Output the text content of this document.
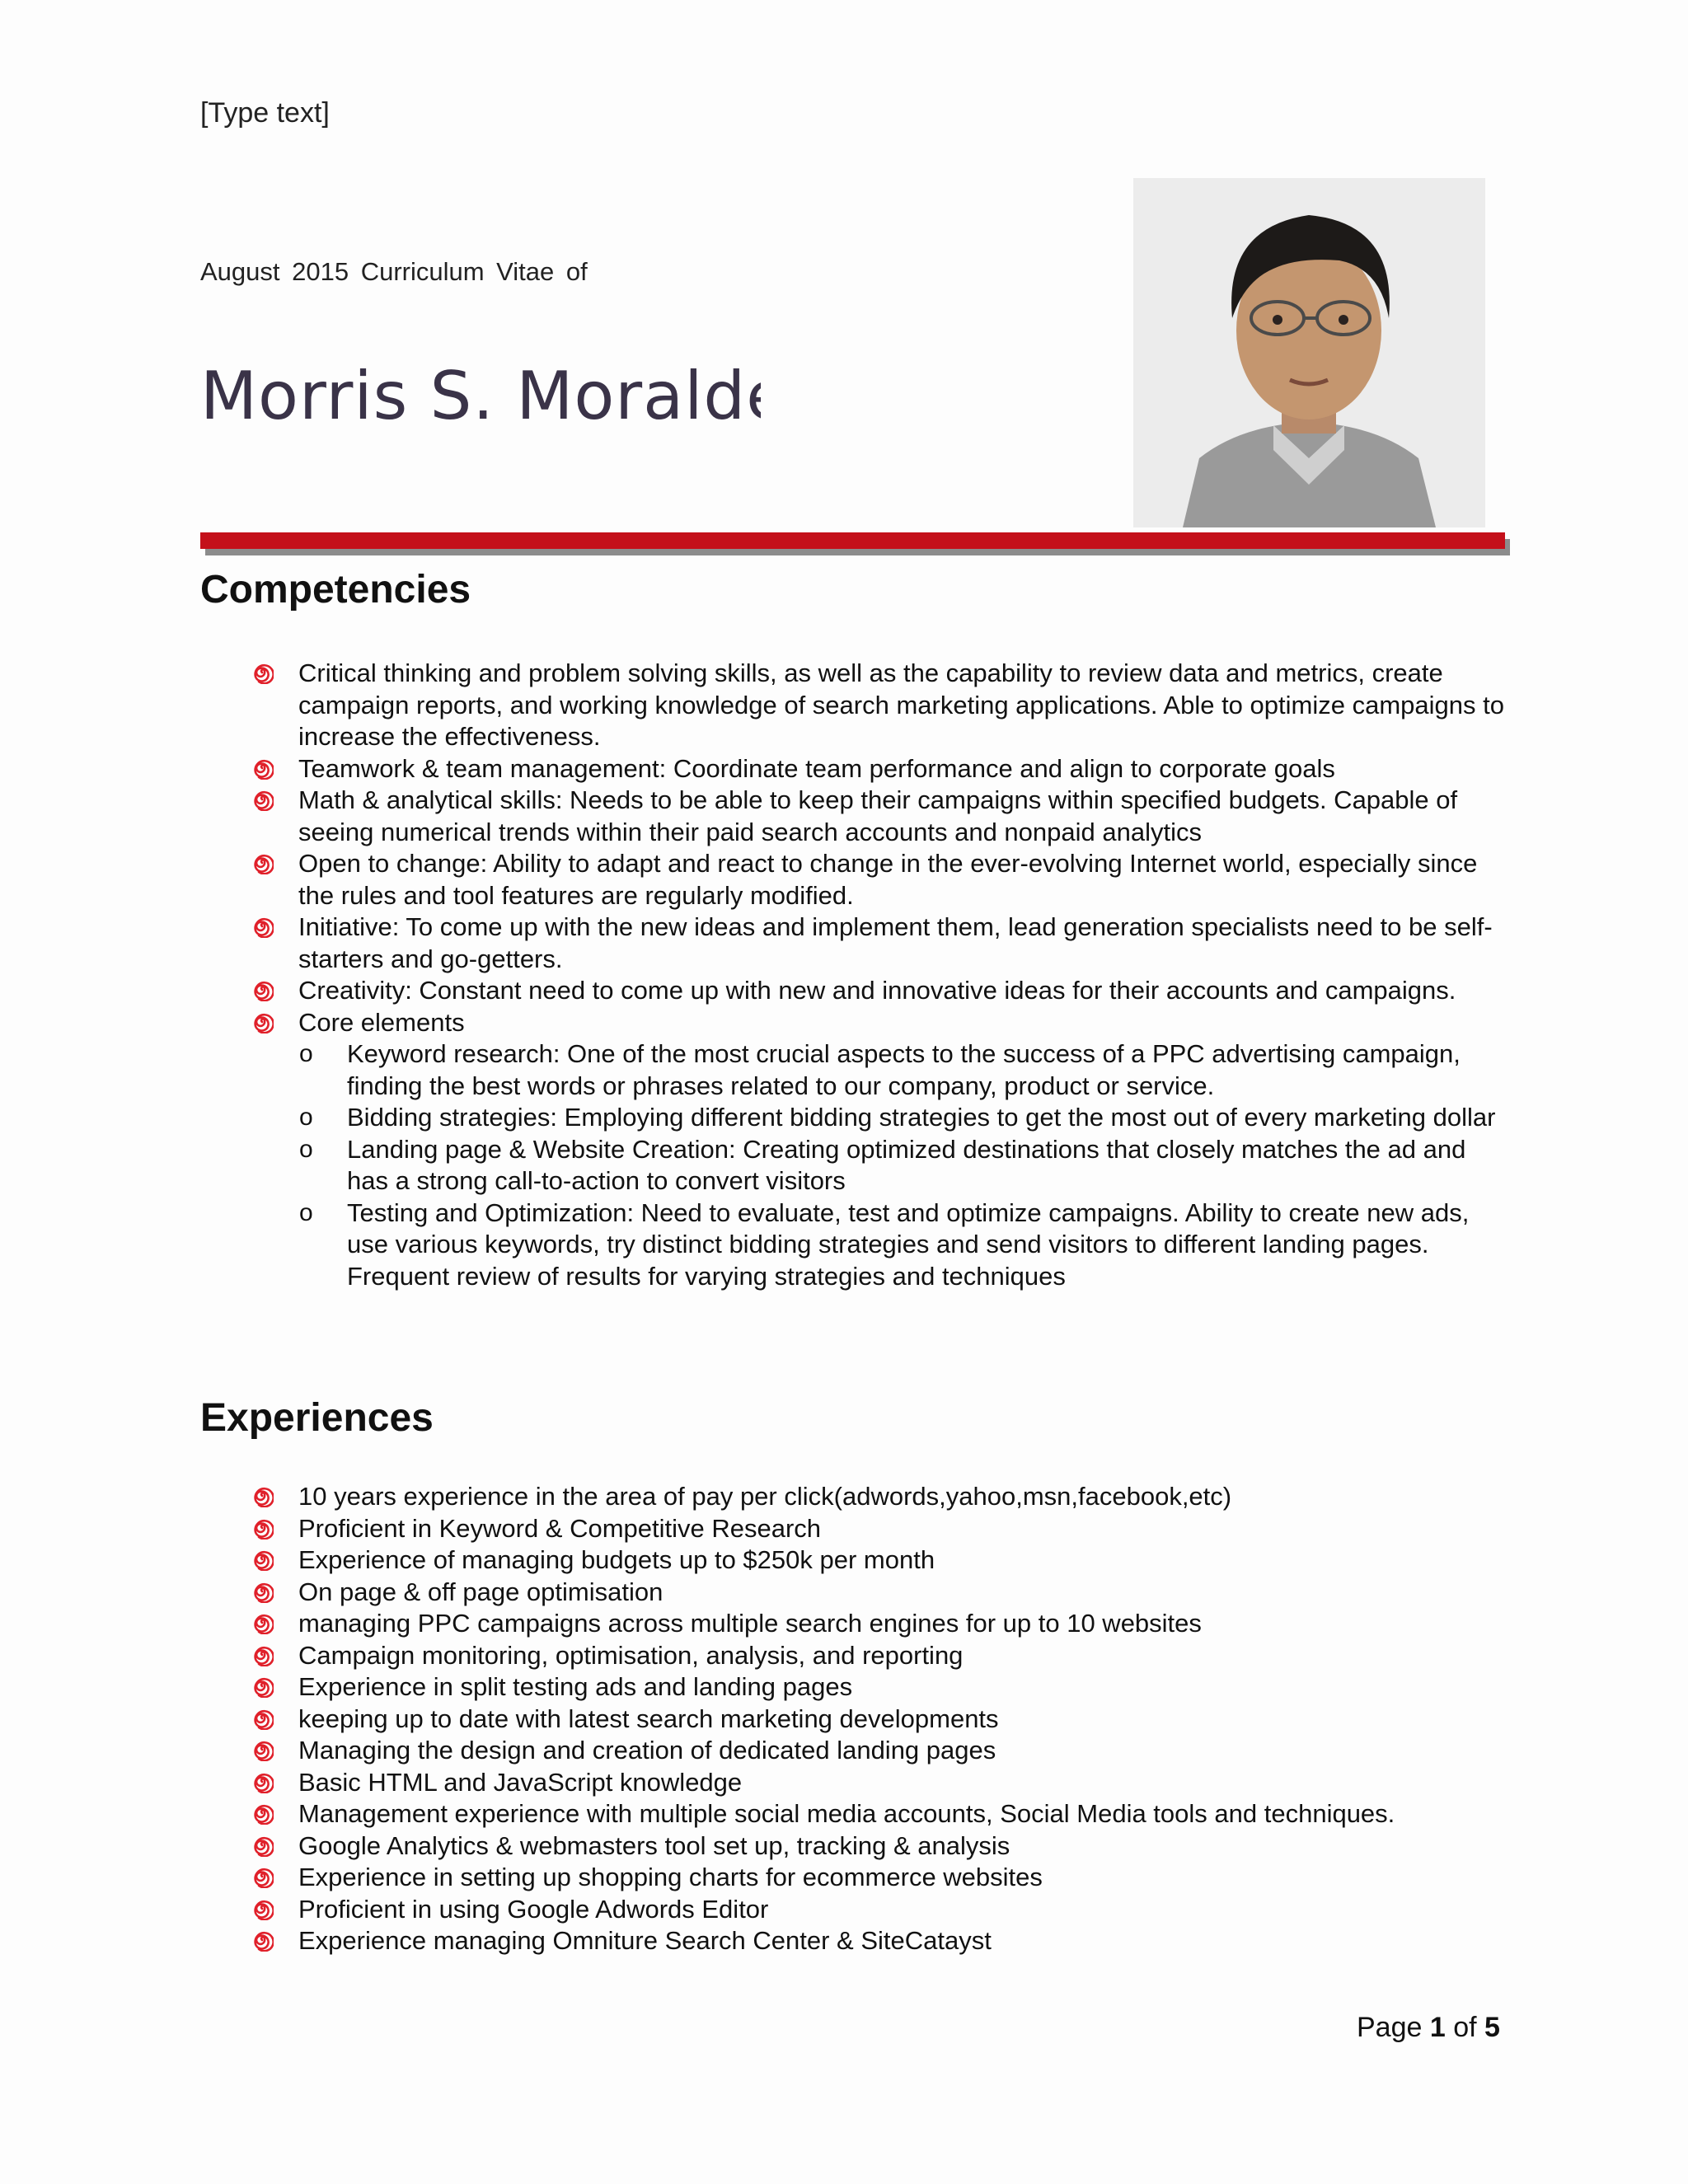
[Type text]
August 2015 Curriculum Vitae of
Morris S. Moralde
Competencies
Critical thinking and problem solving skills, as well as the capability to review data and metrics, create campaign reports, and working knowledge of search marketing applications. Able to optimize campaigns to increase the effectiveness.
Teamwork & team management: Coordinate team performance and align to corporate goals
Math & analytical skills: Needs to be able to keep their campaigns within specified budgets. Capable of seeing numerical trends within their paid search accounts and nonpaid analytics
Open to change: Ability to adapt and react to change in the ever-evolving Internet world, especially since the rules and tool features are regularly modified.
Initiative: To come up with the new ideas and implement them, lead generation specialists need to be self-starters and go-getters.
Creativity: Constant need to come up with new and innovative ideas for their accounts and campaigns.
Core elements
o Keyword research: One of the most crucial aspects to the success of a PPC advertising campaign, finding the best words or phrases related to our company, product or service.
o Bidding strategies: Employing different bidding strategies to get the most out of every marketing dollar
o Landing page & Website Creation: Creating optimized destinations that closely matches the ad and has a strong call-to-action to convert visitors
o Testing and Optimization: Need to evaluate, test and optimize campaigns. Ability to create new ads, use various keywords, try distinct bidding strategies and send visitors to different landing pages. Frequent review of results for varying strategies and techniques
Experiences
10 years experience in the area of pay per click(adwords,yahoo,msn,facebook,etc)
Proficient in Keyword & Competitive Research
Experience of managing budgets up to $250k per month
On page & off page optimisation
managing PPC campaigns across multiple search engines for up to 10 websites
Campaign monitoring, optimisation, analysis, and reporting
Experience in split testing ads and landing pages
keeping up to date with latest search marketing developments
Managing the design and creation of dedicated landing pages
Basic HTML and JavaScript knowledge
Management experience with multiple social media accounts, Social Media tools and techniques.
Google Analytics & webmasters tool set up, tracking & analysis
Experience in setting up shopping charts for ecommerce websites
Proficient in using Google Adwords Editor
Experience managing Omniture Search Center & SiteCatayst
Page 1 of 5
